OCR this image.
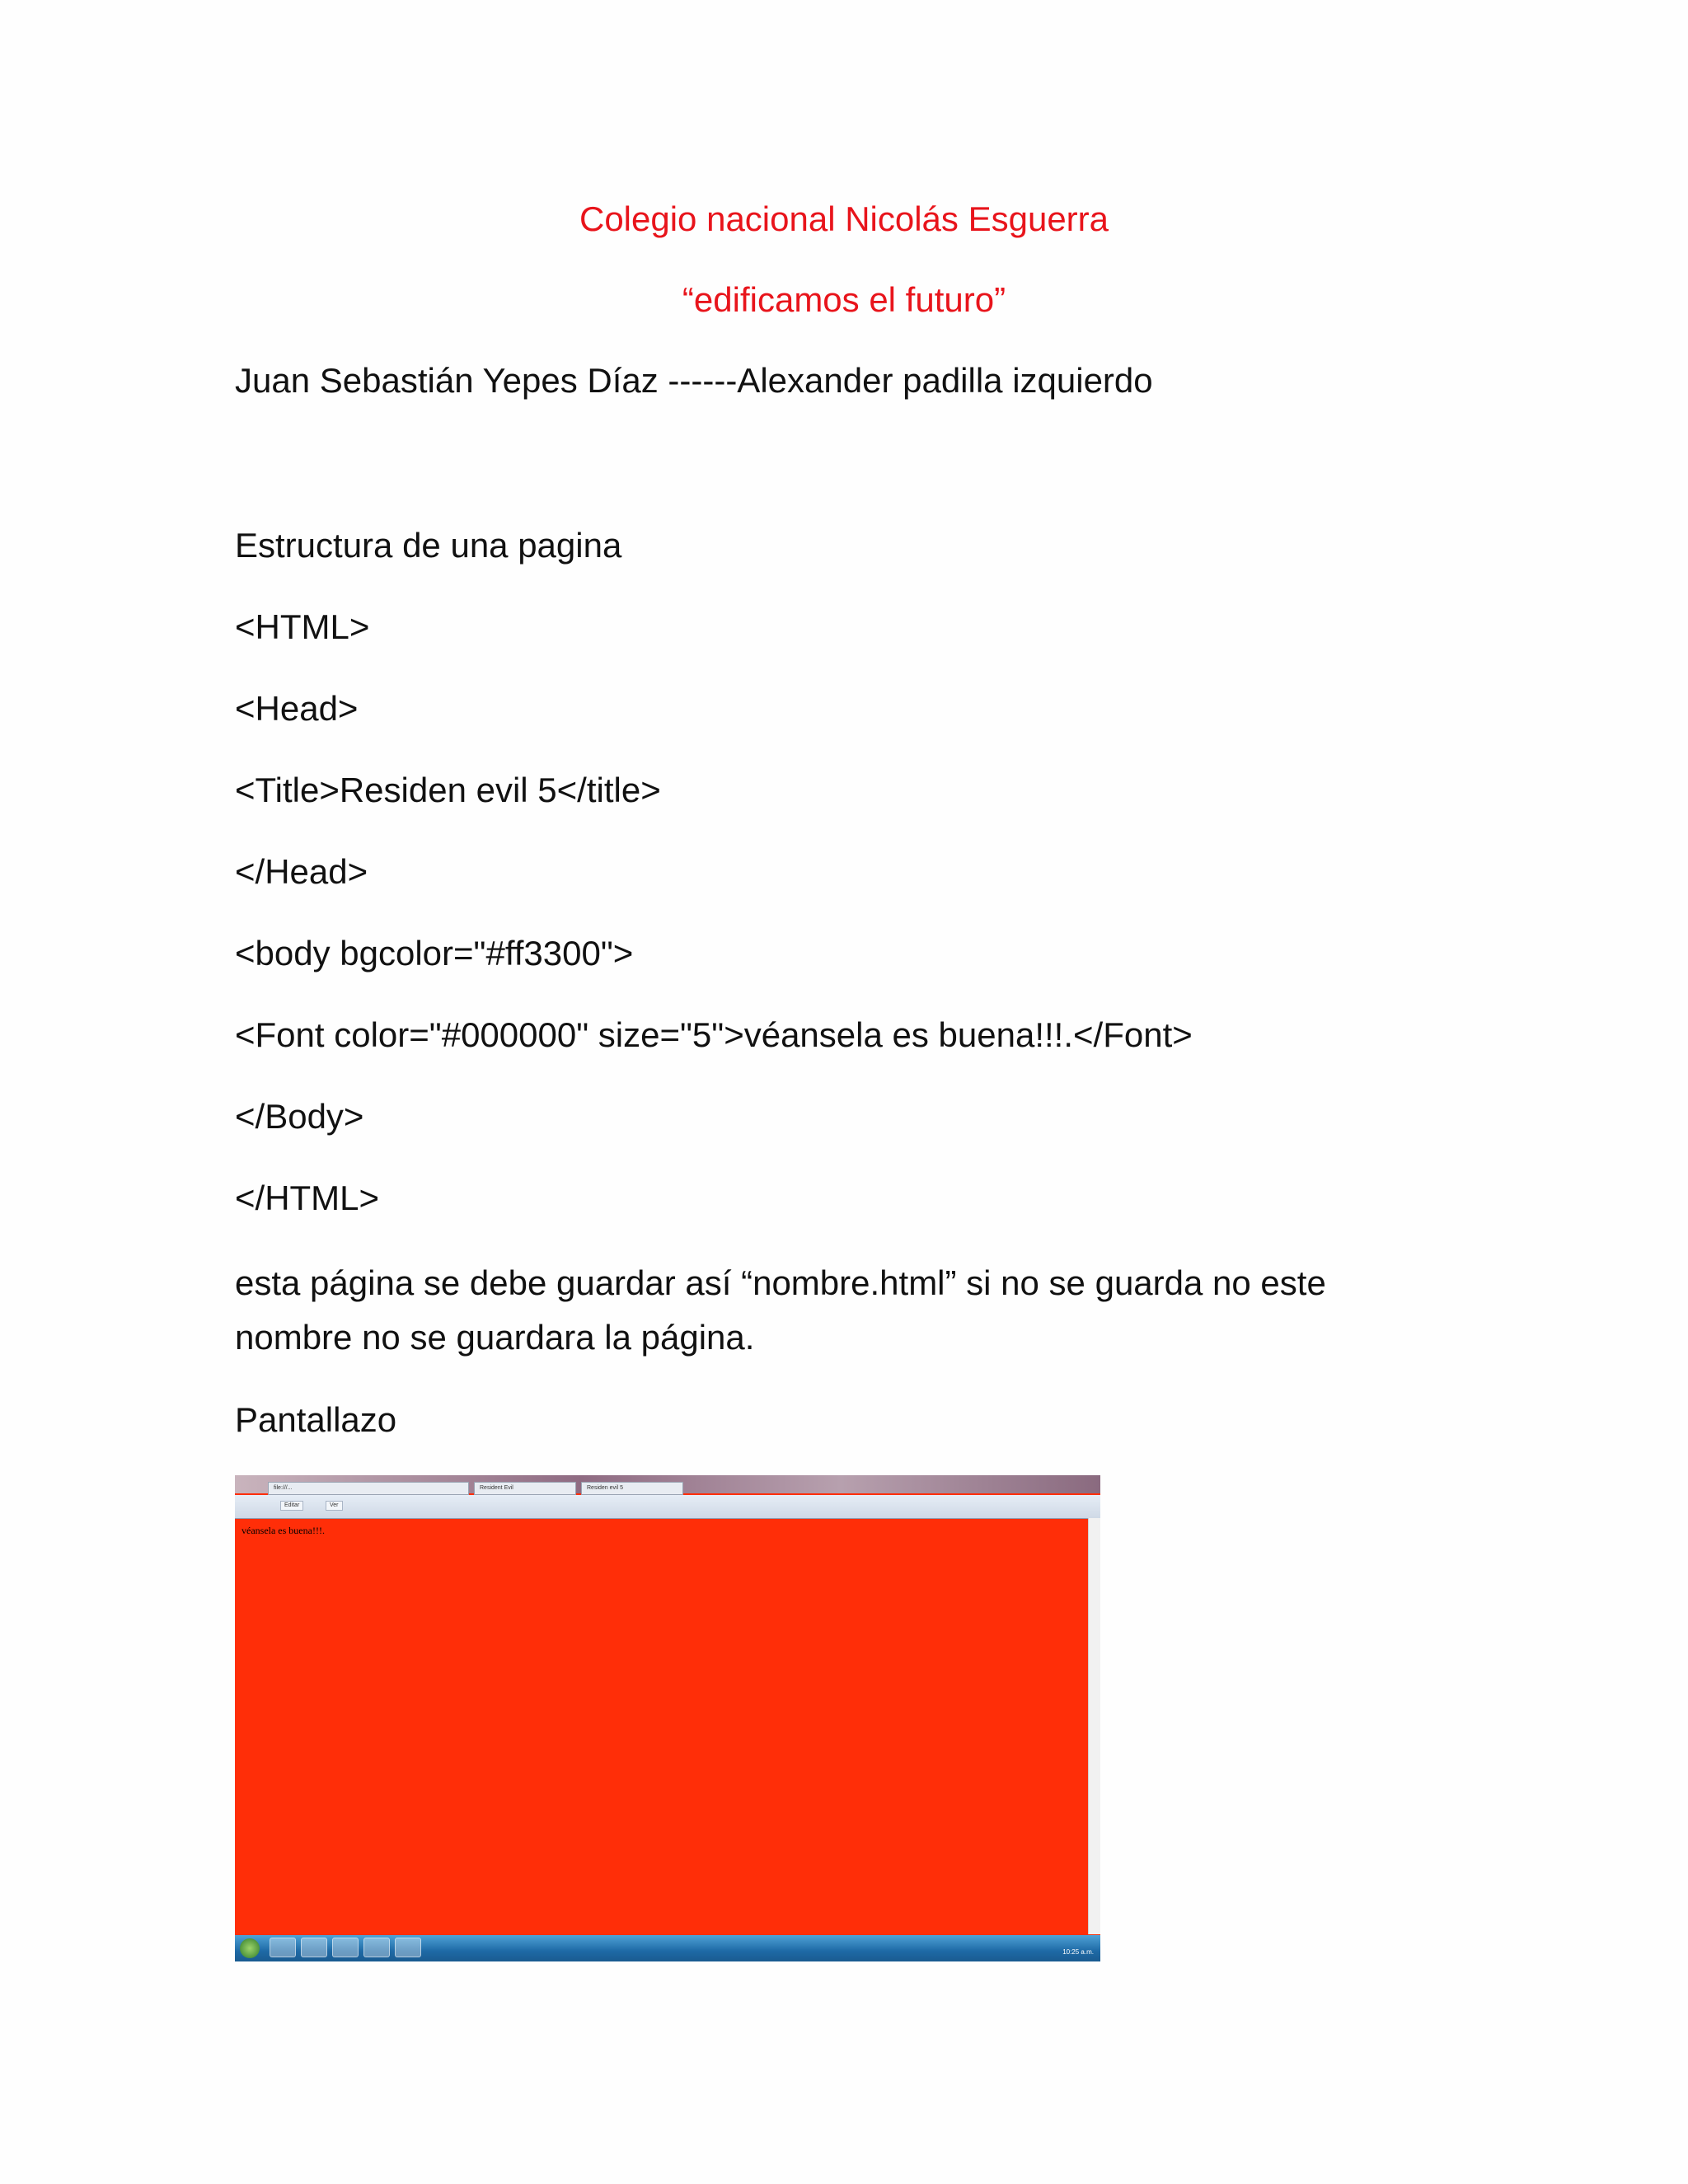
Colegio nacional Nicolás Esguerra
“edificamos el futuro”
Juan Sebastián Yepes Díaz ------Alexander padilla izquierdo
Estructura de una pagina
<HTML>
<Head>
<Title>Residen evil 5</title>
</Head>
<body bgcolor="#ff3300">
<Font color="#000000" size="5">véansela es buena!!!.</Font>
</Body>
</HTML>
esta página se debe guardar así “nombre.html” si no se guarda no este nombre no se guardara la página.
Pantallazo
file:///...	Resident Evil	Residen evil 5
Editar	Ver
véansela es buena!!!.
10:25 a.m.
